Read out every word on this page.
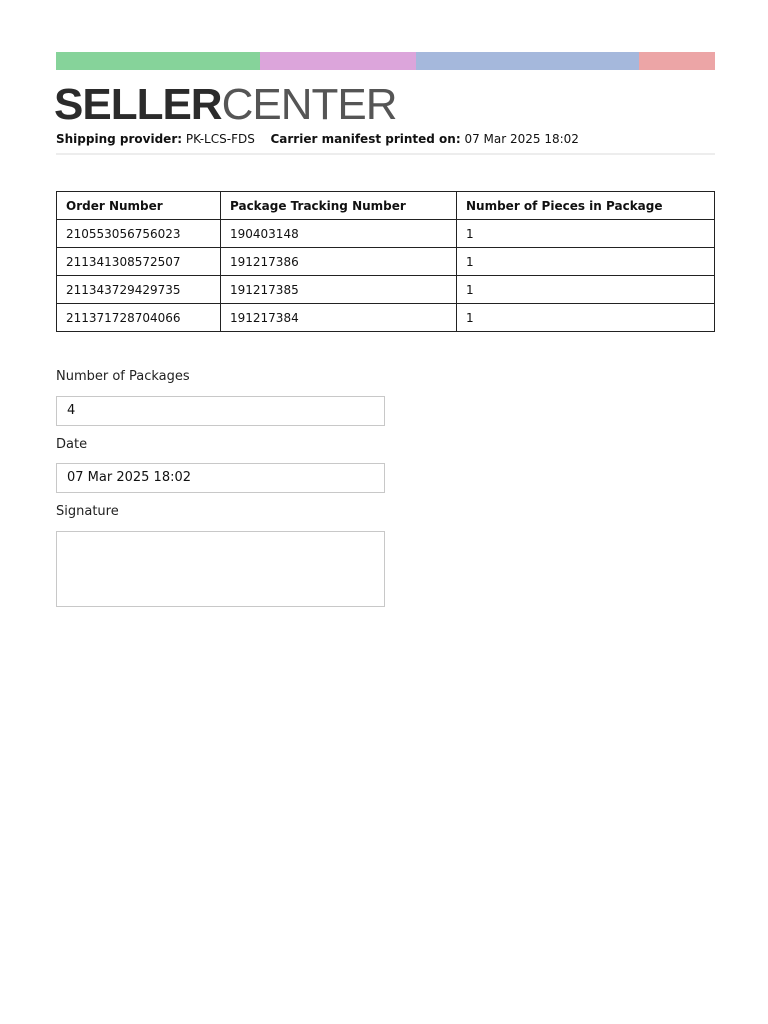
SELLERCENTER
Shipping provider: PK-LCS-FDS Carrier manifest printed on: 07 Mar 2025 18:02
Order Number	Package Tracking Number	Number of Pieces in Package
210553056756023	190403148	1
211341308572507	191217386	1
211343729429735	191217385	1
211371728704066	191217384	1
Number of Packages
4
Date
07 Mar 2025 18:02
Signature
